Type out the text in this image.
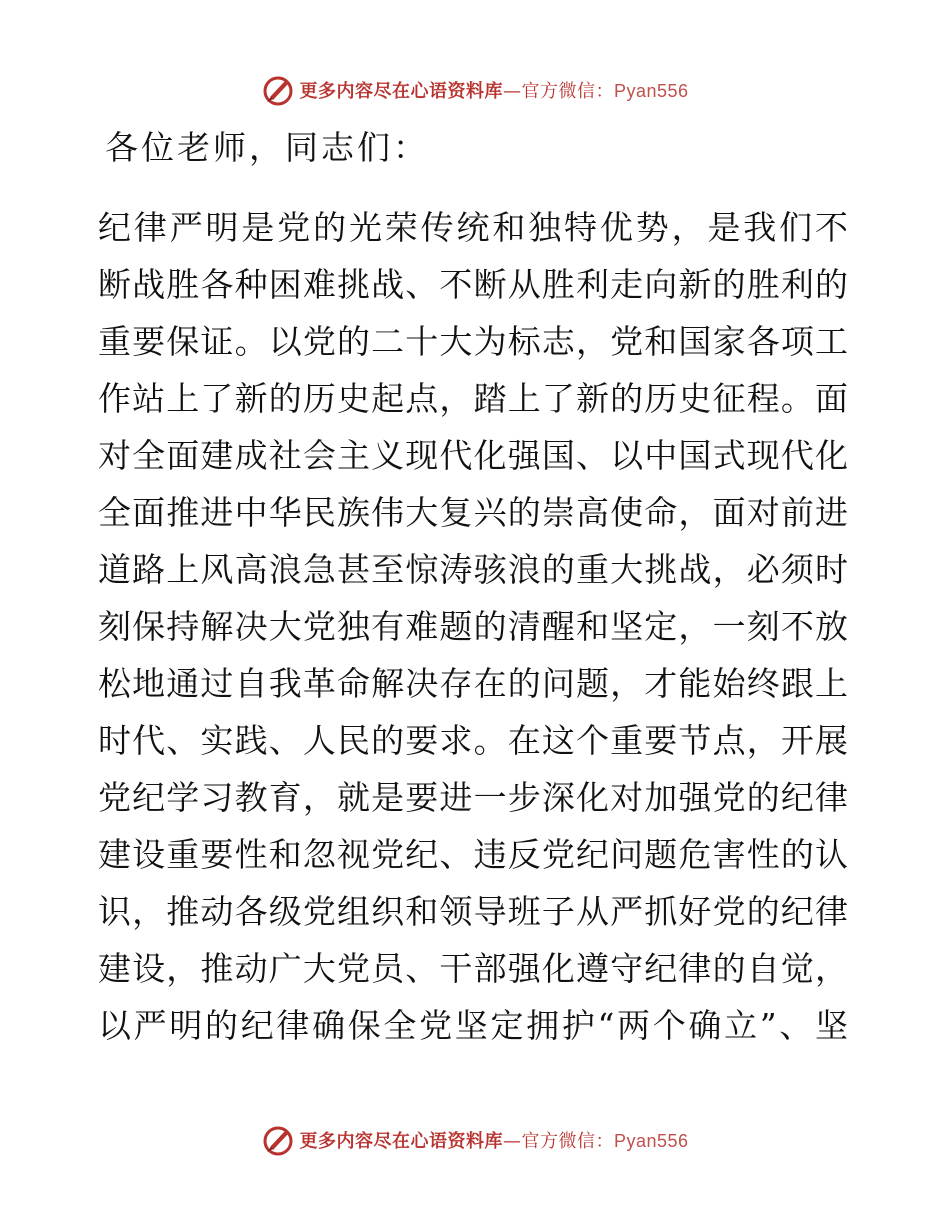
更多内容尽在心语资料库—官方微信：Pyan556
各位老师，同志们：
纪律严明是党的光荣传统和独特优势，是我们不
断战胜各种困难挑战、不断从胜利走向新的胜利的
重要保证。以党的二十大为标志，党和国家各项工
作站上了新的历史起点，踏上了新的历史征程。面
对全面建成社会主义现代化强国、以中国式现代化
全面推进中华民族伟大复兴的崇高使命，面对前进
道路上风高浪急甚至惊涛骇浪的重大挑战，必须时
刻保持解决大党独有难题的清醒和坚定，一刻不放
松地通过自我革命解决存在的问题，才能始终跟上
时代、实践、人民的要求。在这个重要节点，开展
党纪学习教育，就是要进一步深化对加强党的纪律
建设重要性和忽视党纪、违反党纪问题危害性的认
识，推动各级党组织和领导班子从严抓好党的纪律
建设，推动广大党员、干部强化遵守纪律的自觉，
以严明的纪律确保全党坚定拥护“两个确立”、坚
更多内容尽在心语资料库—官方微信：Pyan556
